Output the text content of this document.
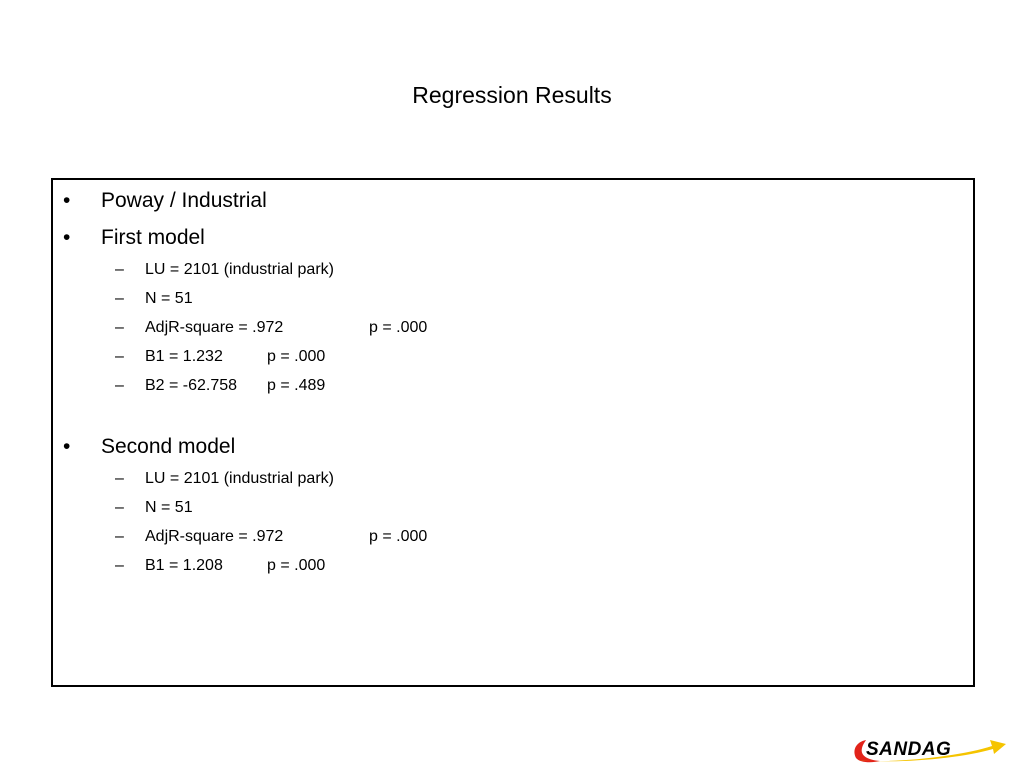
Regression Results
• Poway / Industrial
• First model
– LU = 2101 (industrial park)
– N = 51
– AdjR-square = .972	p = .000
– B1 = 1.232	p = .000
– B2 = -62.758 p = .489
• Second model
– LU = 2101 (industrial park)
– N = 51
– AdjR-square = .972	p = .000
– B1 = 1.208	p = .000
SANDAG
